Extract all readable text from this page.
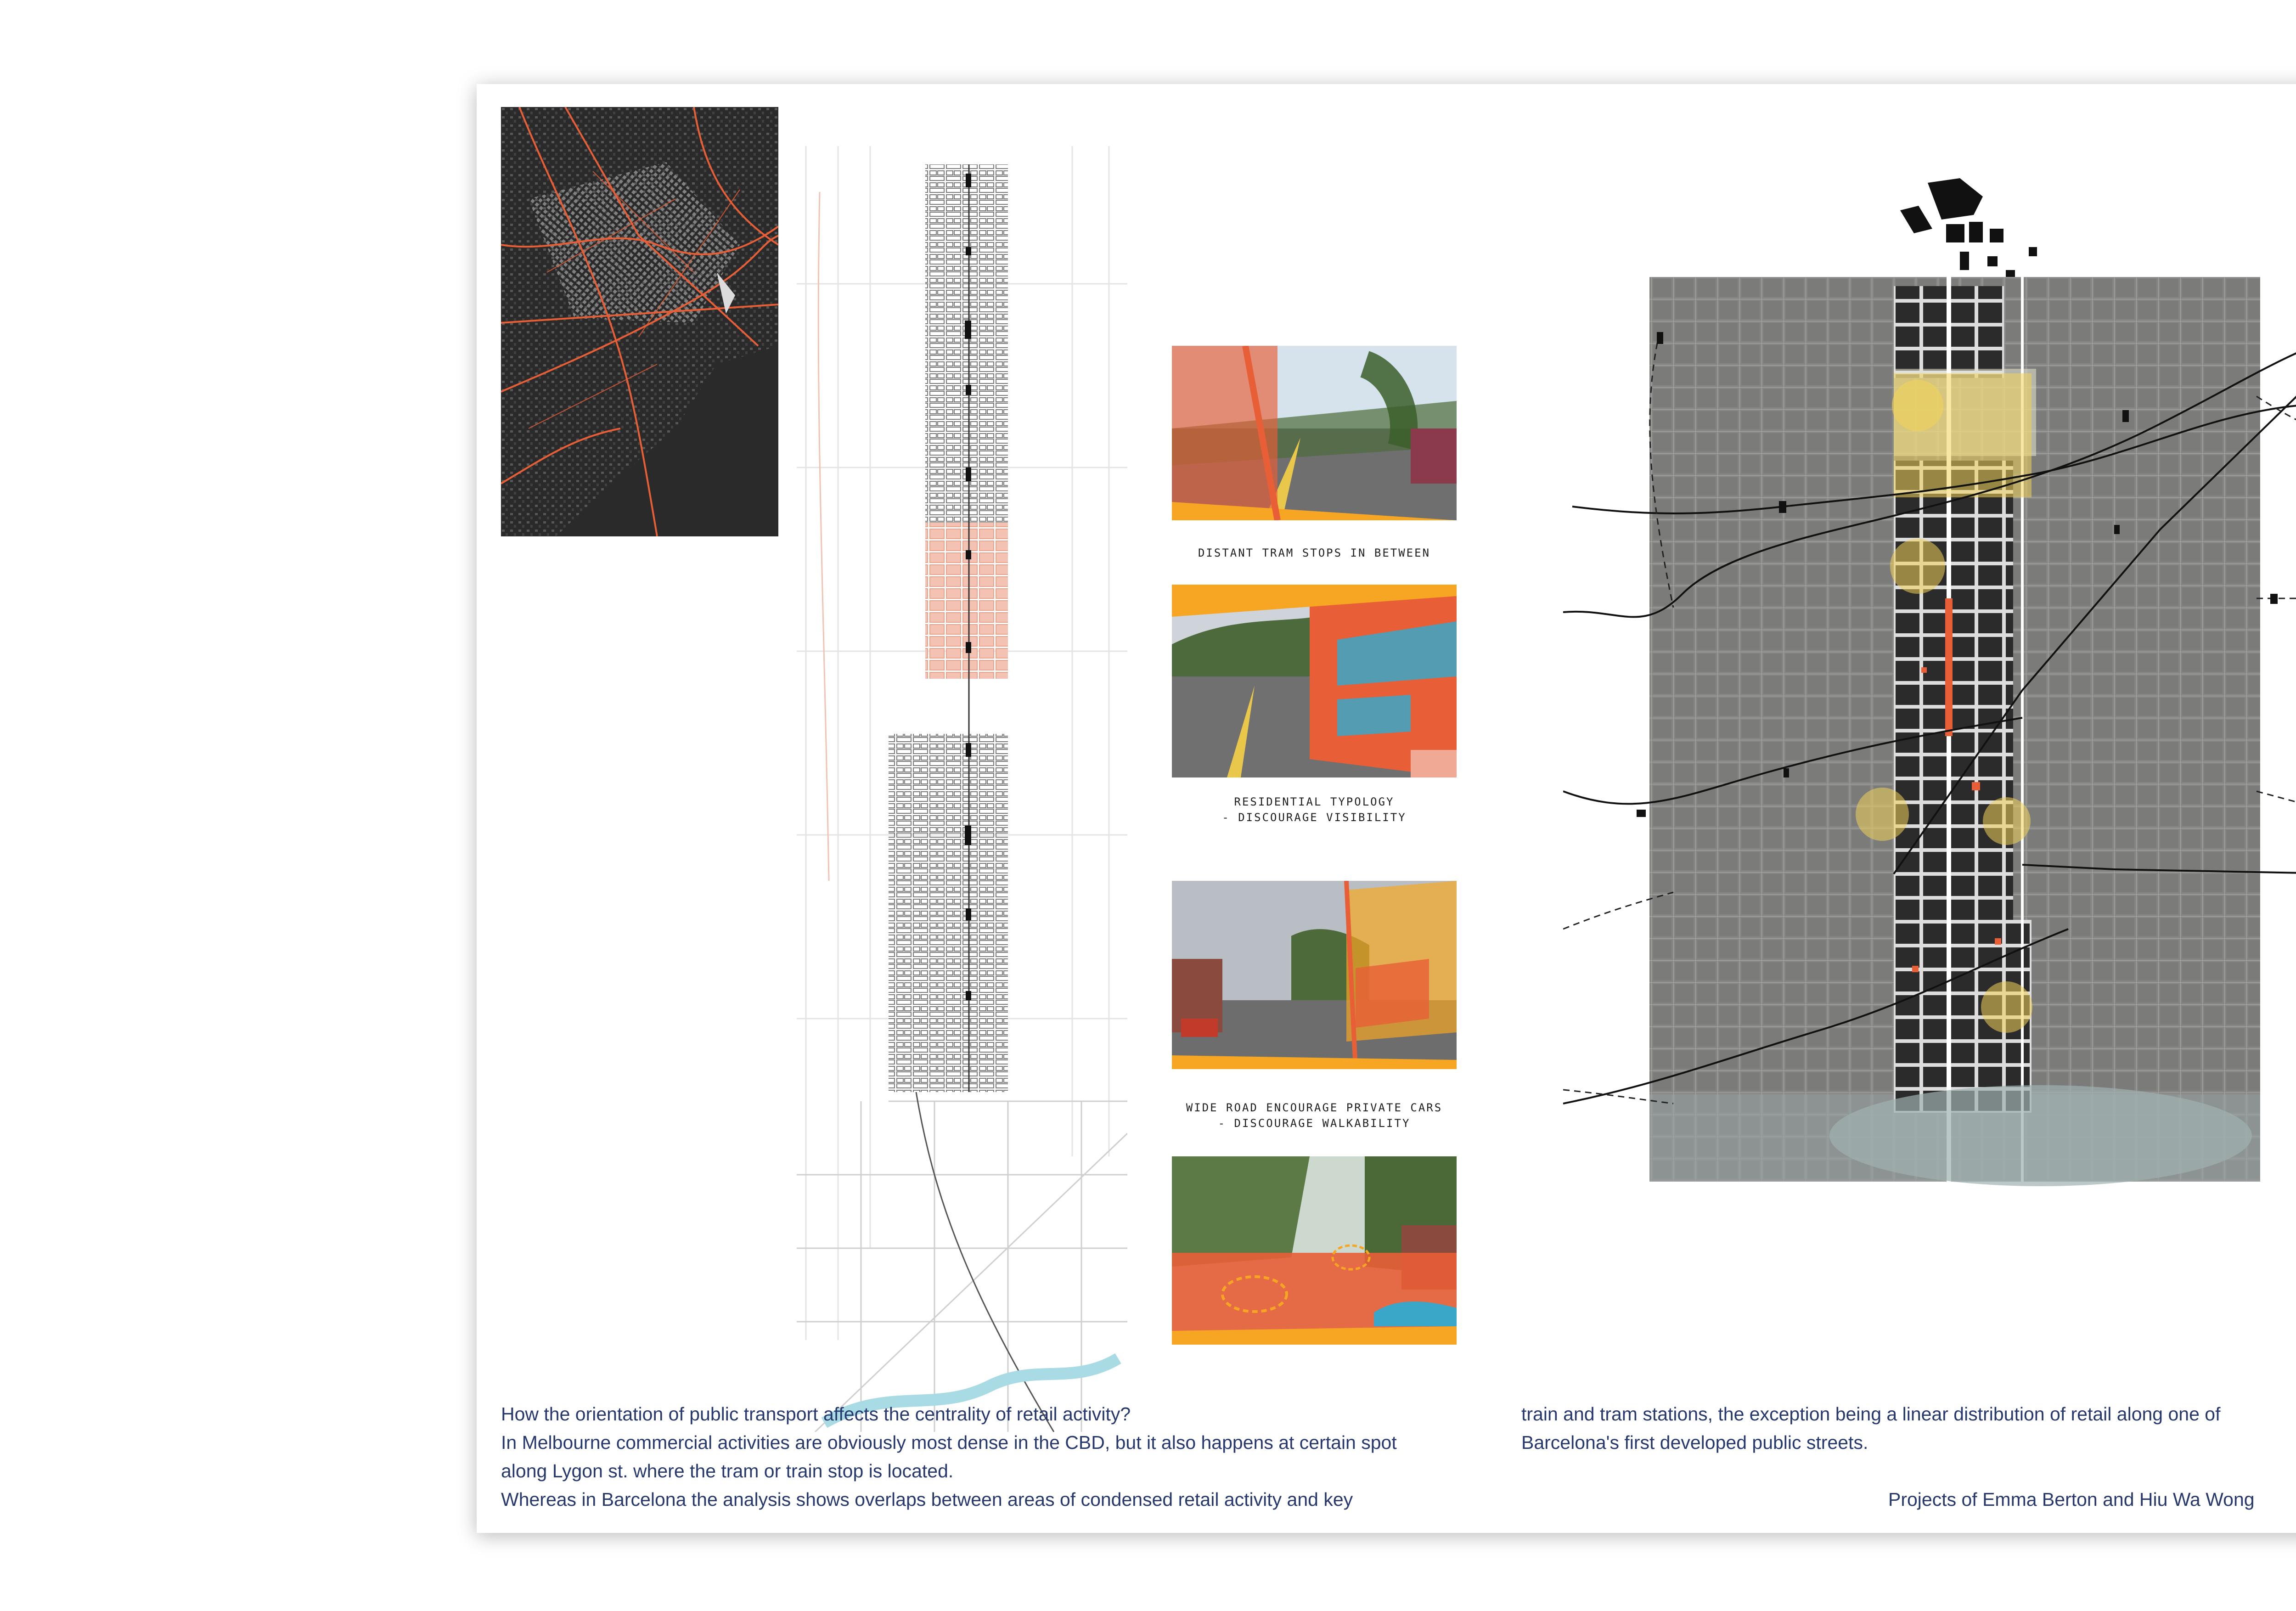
DISTANT TRAM STOPS IN BETWEEN
RESIDENTIAL TYPOLOGY
- DISCOURAGE VISIBILITY
WIDE ROAD ENCOURAGE PRIVATE CARS
- DISCOURAGE WALKABILITY

How the orientation of public transport affects the centrality of retail activity?

In Melbourne commercial activities are obviously most dense in the CBD, but it also happens at certain spot

along Lygon st. where the tram or train stop is located.

Whereas in Barcelona the analysis shows overlaps between areas of condensed retail activity and key

train and tram stations, the exception being a linear distribution of retail along one of

Barcelona's first developed public streets.

Projects of Emma Berton and Hiu Wa Wong
